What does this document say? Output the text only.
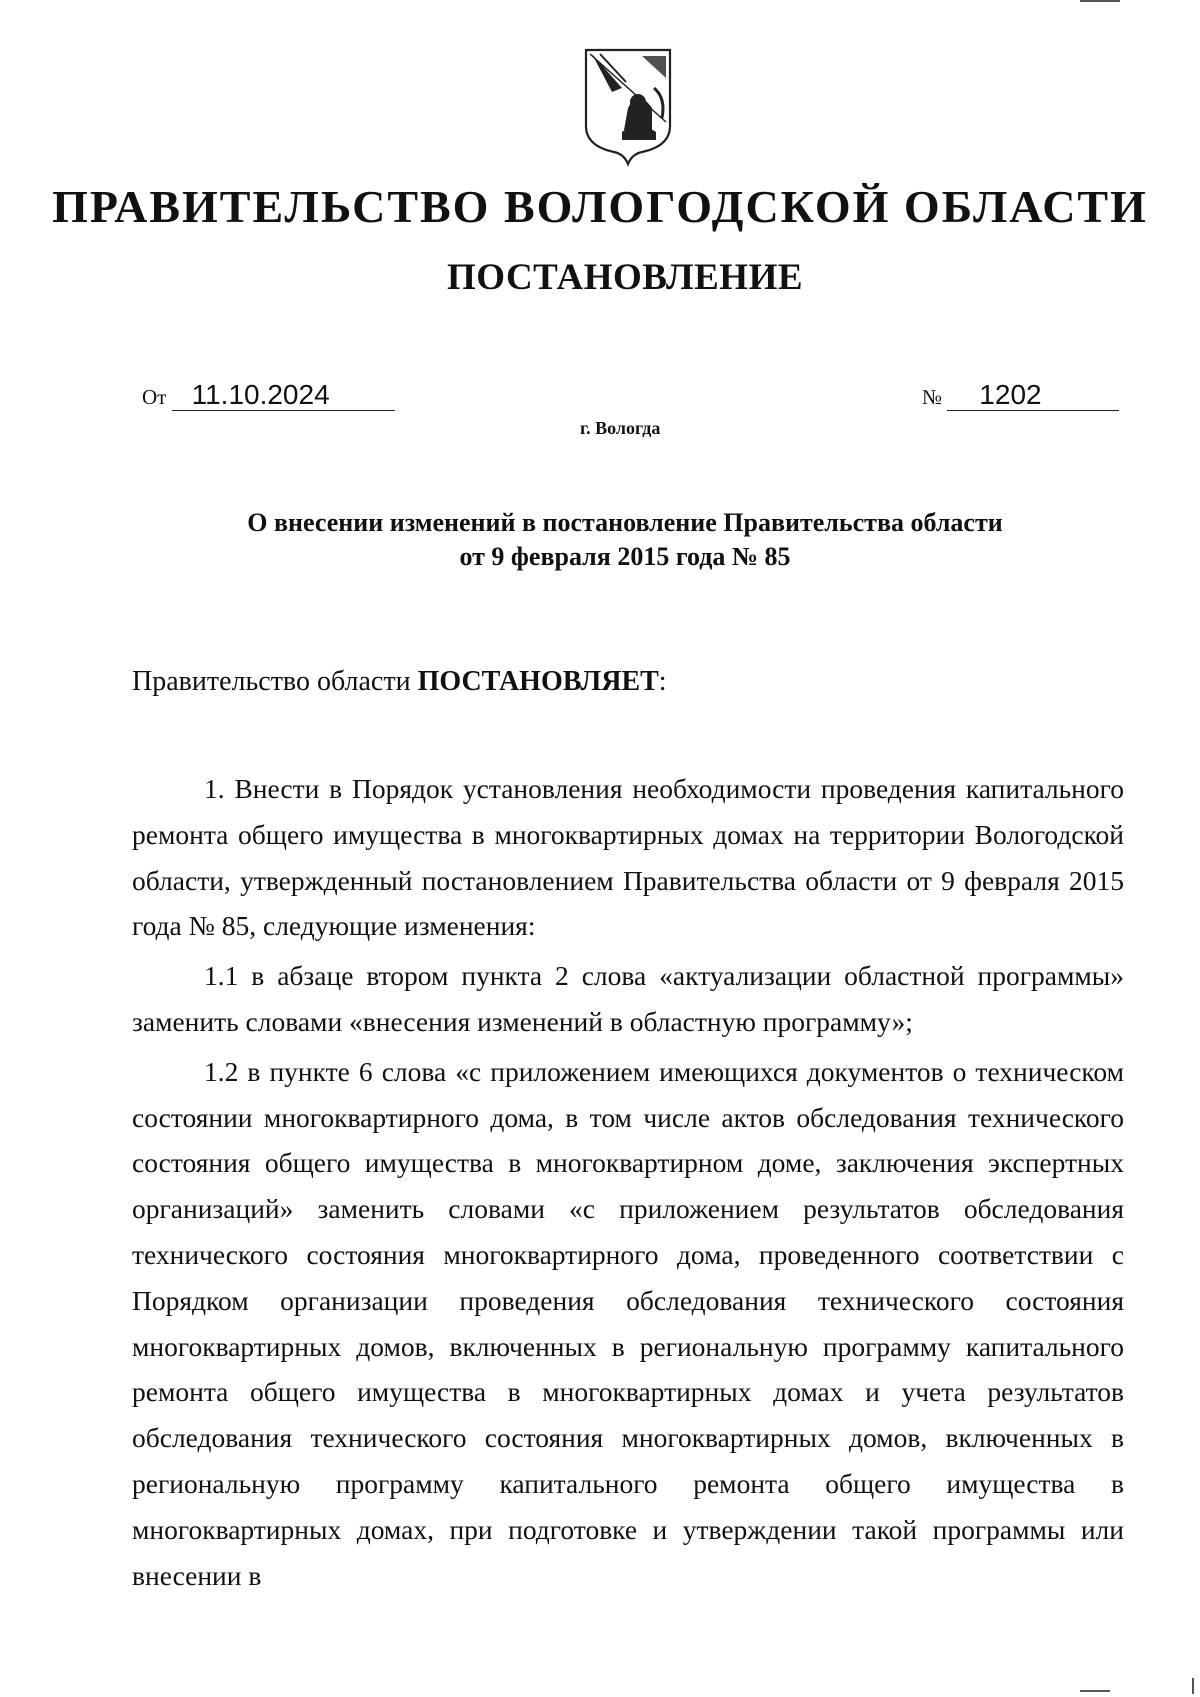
ПРАВИТЕЛЬСТВО ВОЛОГОДСКОЙ ОБЛАСТИ
ПОСТАНОВЛЕНИЕ
От 11.10.2024	№ 1202
г. Вологда
О внесении изменений в постановление Правительства области
от 9 февраля 2015 года № 85
Правительство области ПОСТАНОВЛЯЕТ:

1. Внести в Порядок установления необходимости проведения капитального ремонта общего имущества в многоквартирных домах на территории Вологодской области, утвержденный постановлением Правительства области от 9 февраля 2015 года № 85, следующие изменения:

1.1 в абзаце втором пункта 2 слова «актуализации областной программы» заменить словами «внесения изменений в областную программу»;

1.2 в пункте 6 слова «с приложением имеющихся документов о техническом состоянии многоквартирного дома, в том числе актов обследования технического состояния общего имущества в многоквартирном доме, заключения экспертных организаций» заменить словами «с приложением результатов обследования технического состояния многоквартирного дома, проведенного соответствии с Порядком организации проведения обследования технического состояния многоквартирных домов, включенных в региональную программу капитального ремонта общего имущества в многоквартирных домах и учета результатов обследования технического состояния многоквартирных домов, включенных в региональную программу капитального ремонта общего имущества в многоквартирных домах, при подготовке и утверждении такой программы или внесении в
